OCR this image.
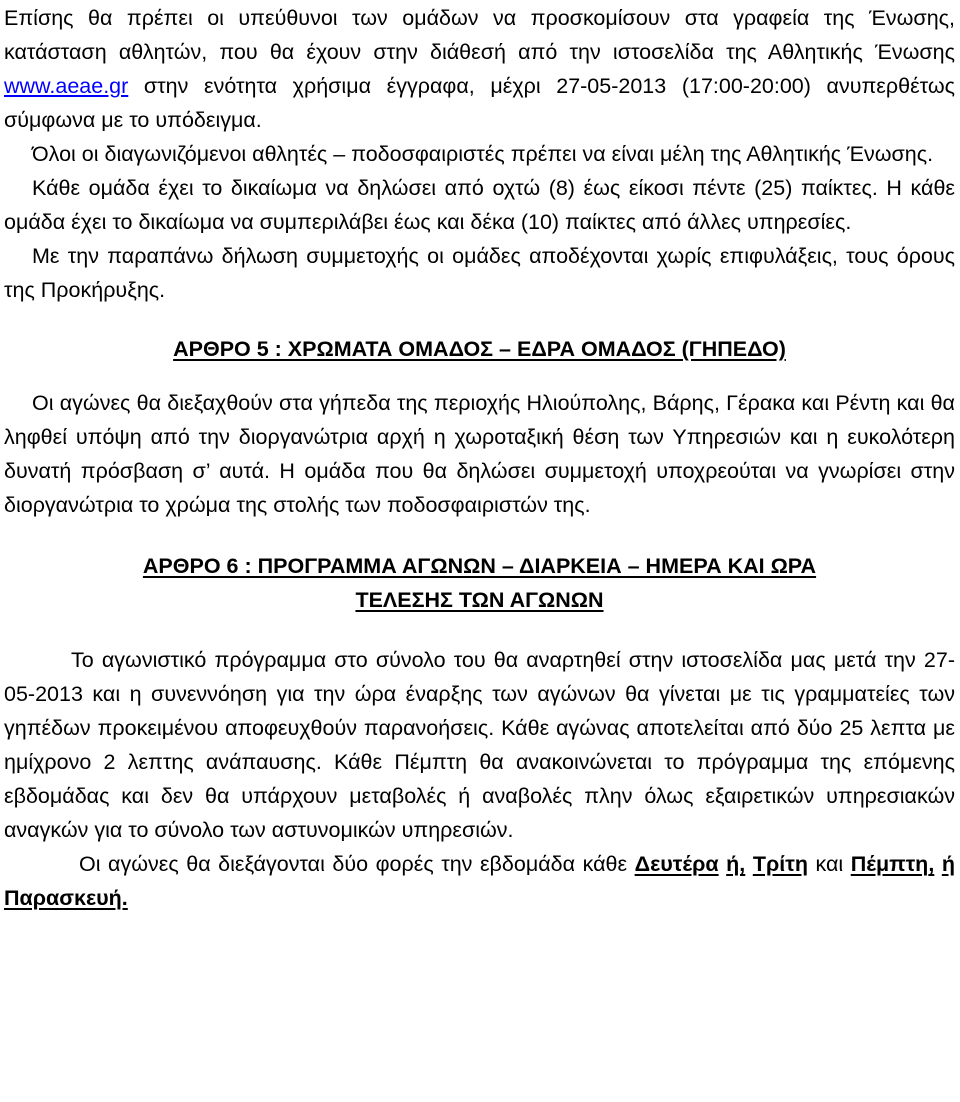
Επίσης θα πρέπει οι υπεύθυνοι των ομάδων να προσκομίσουν στα γραφεία της Ένωσης, κατάσταση αθλητών, που θα έχουν στην διάθεσή από την ιστοσελίδα της Αθλητικής Ένωσης www.aeae.gr στην ενότητα χρήσιμα έγγραφα, μέχρι 27-05-2013 (17:00-20:00) ανυπερθέτως σύμφωνα με το υπόδειγμα.

Όλοι οι διαγωνιζόμενοι αθλητές – ποδοσφαιριστές πρέπει να είναι μέλη της Αθλητικής Ένωσης.

Κάθε ομάδα έχει το δικαίωμα να δηλώσει από οχτώ (8) έως είκοσι πέντε (25) παίκτες. Η κάθε ομάδα έχει το δικαίωμα να συμπεριλάβει έως και δέκα (10) παίκτες από άλλες υπηρεσίες.

Με την παραπάνω δήλωση συμμετοχής οι ομάδες αποδέχονται χωρίς επιφυλάξεις, τους όρους της Προκήρυξης.

ΑΡΘΡΟ 5 : ΧΡΩΜΑΤΑ ΟΜΑΔΟΣ – ΕΔΡΑ ΟΜΑΔΟΣ (ΓΗΠΕΔΟ)

Οι αγώνες θα διεξαχθούν στα γήπεδα της περιοχής Ηλιούπολης, Βάρης, Γέρακα και Ρέντη και θα ληφθεί υπόψη από την διοργανώτρια αρχή η χωροταξική θέση των Υπηρεσιών και η ευκολότερη δυνατή πρόσβαση σ’ αυτά. Η ομάδα που θα δηλώσει συμμετοχή υποχρεούται να γνωρίσει στην διοργανώτρια το χρώμα της στολής των ποδοσφαιριστών της.

ΑΡΘΡΟ 6 : ΠΡΟΓΡΑΜΜΑ ΑΓΩΝΩΝ – ΔΙΑΡΚΕΙΑ – ΗΜΕΡΑ ΚΑΙ ΩΡΑ

ΤΕΛΕΣΗΣ ΤΩΝ ΑΓΩΝΩΝ

Το αγωνιστικό πρόγραμμα στο σύνολο του θα αναρτηθεί στην ιστοσελίδα μας μετά την 27-05-2013 και η συνεννόηση για την ώρα έναρξης των αγώνων θα γίνεται με τις γραμματείες των γηπέδων προκειμένου αποφευχθούν παρανοήσεις. Κάθε αγώνας αποτελείται από δύο 25 λεπτα με ημίχρονο 2 λεπτης ανάπαυσης. Κάθε Πέμπτη θα ανακοινώνεται το πρόγραμμα της επόμενης εβδομάδας και δεν θα υπάρχουν μεταβολές ή αναβολές πλην όλως εξαιρετικών υπηρεσιακών αναγκών για το σύνολο των αστυνομικών υπηρεσιών.

Οι αγώνες θα διεξάγονται δύο φορές την εβδομάδα κάθε Δευτέρα ή, Τρίτη και Πέμπτη, ή Παρασκευή.
